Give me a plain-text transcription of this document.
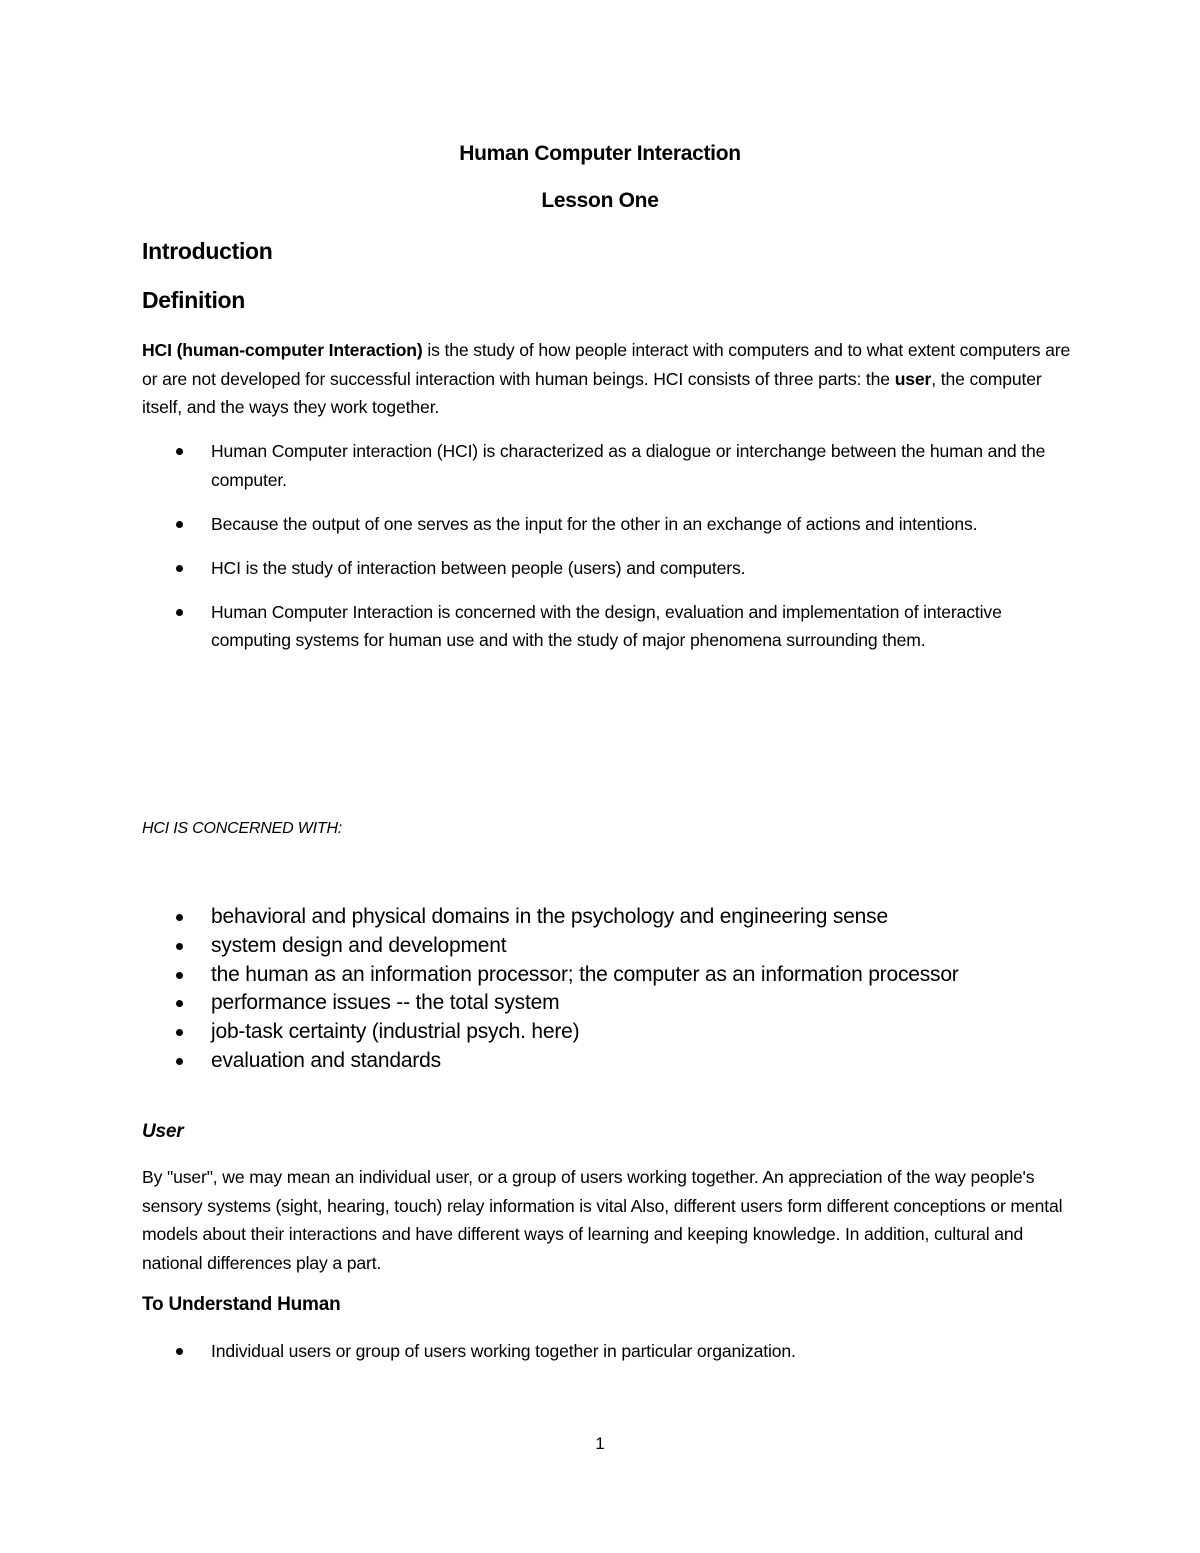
Human Computer Interaction
Lesson One
Introduction
Definition
HCI (human-computer Interaction) is the study of how people interact with computers and to what extent computers are or are not developed for successful interaction with human beings. HCI consists of three parts: the user, the computer itself, and the ways they work together.
Human Computer interaction (HCI) is characterized as a dialogue or interchange between the human and the computer.
Because the output of one serves as the input for the other in an exchange of actions and intentions.
HCI is the study of interaction between people (users) and computers.
Human Computer Interaction is concerned with the design, evaluation and implementation of interactive computing systems for human use and with the study of major phenomena surrounding them.
HCI IS CONCERNED WITH:
behavioral and physical domains in the psychology and engineering sense
system design and development
the human as an information processor; the computer as an information processor
performance issues -- the total system
job-task certainty (industrial psych. here)
evaluation and standards
User
By "user", we may mean an individual user, or a group of users working together. An appreciation of the way people's sensory systems (sight, hearing, touch) relay information is vital Also, different users form different conceptions or mental models about their interactions and have different ways of learning and keeping knowledge. In addition, cultural and national differences play a part.
To Understand Human
Individual users or group of users working together in particular organization.
1
